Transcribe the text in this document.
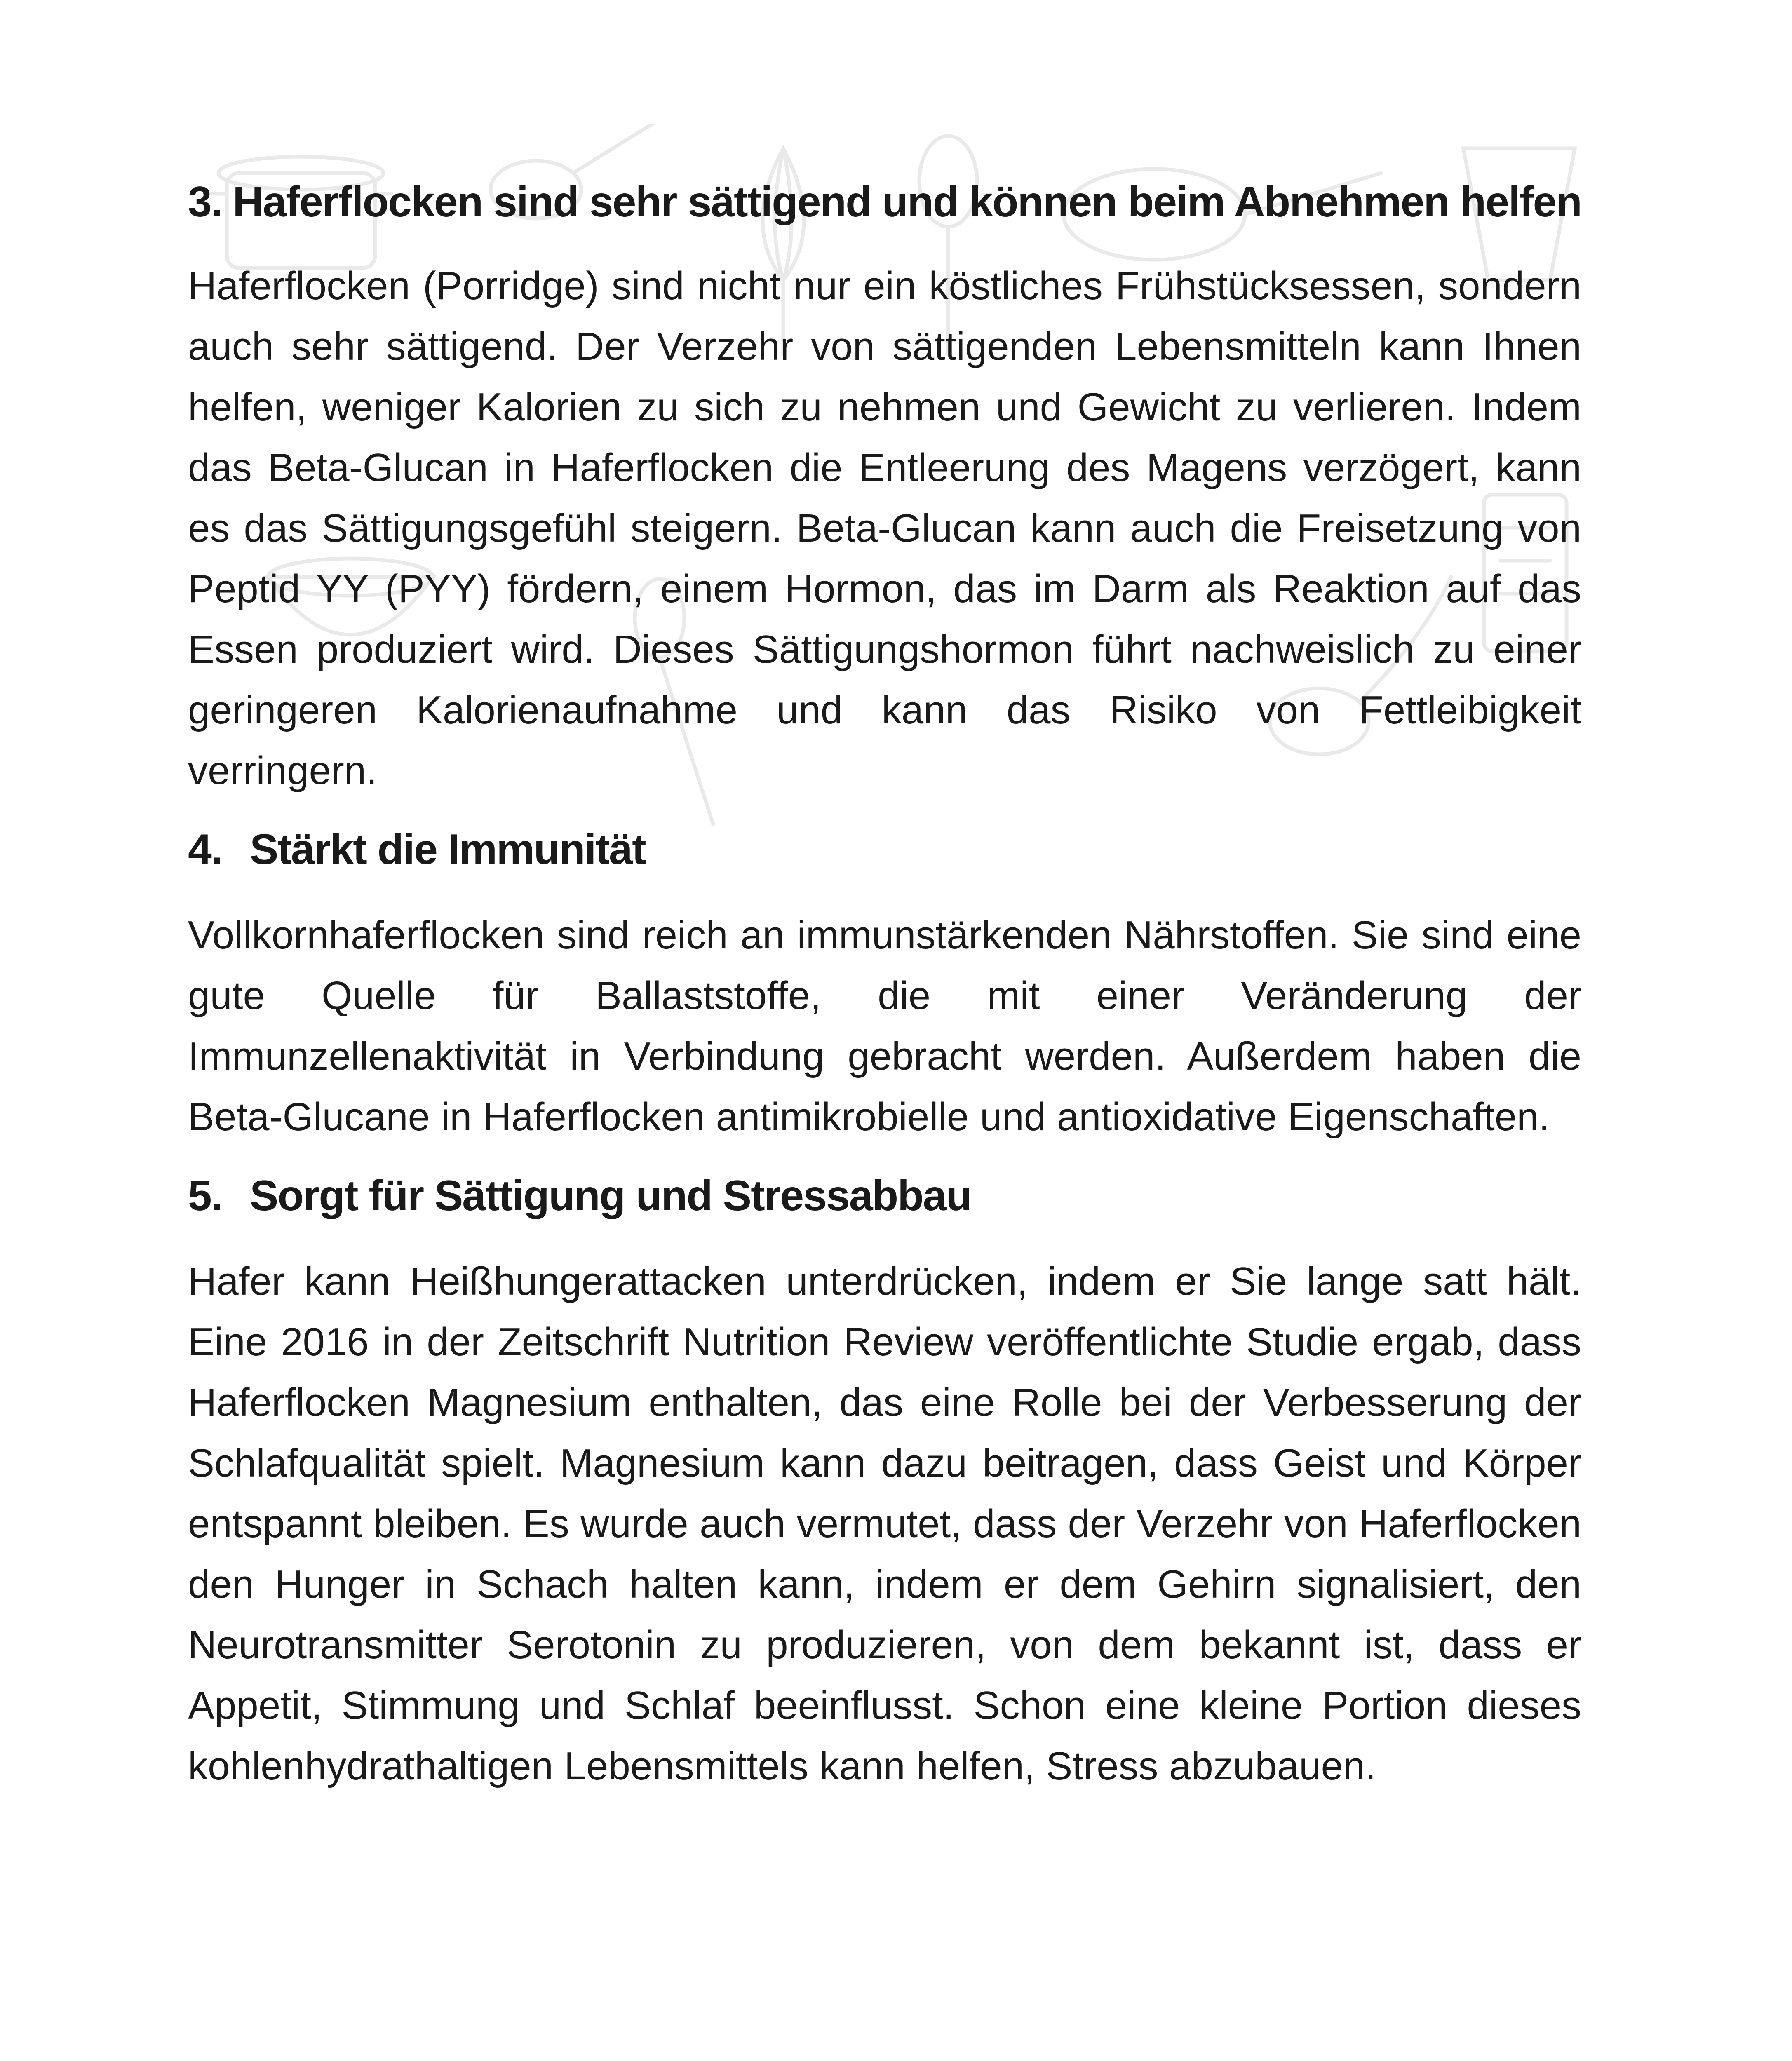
3. Haferflocken sind sehr sättigend und können beim Abnehmen helfen

Haferflocken (Porridge) sind nicht nur ein köstliches Frühstücksessen, sondern auch sehr sättigend. Der Verzehr von sättigenden Lebensmitteln kann Ihnen helfen, weniger Kalorien zu sich zu nehmen und Gewicht zu verlieren. Indem das Beta-Glucan in Haferflocken die Entleerung des Magens verzögert, kann es das Sättigungsgefühl steigern. Beta-Glucan kann auch die Freisetzung von Peptid YY (PYY) fördern, einem Hormon, das im Darm als Reaktion auf das Essen produziert wird. Dieses Sättigungshormon führt nachweislich zu einer geringeren Kalorienaufnahme und kann das Risiko von Fettleibigkeit verringern.

4. Stärkt die Immunität

Vollkornhaferflocken sind reich an immunstärkenden Nährstoffen. Sie sind eine gute Quelle für Ballaststoffe, die mit einer Veränderung der Immunzellenaktivität in Verbindung gebracht werden. Außerdem haben die Beta-Glucane in Haferflocken antimikrobielle und antioxidative Eigenschaften.

5. Sorgt für Sättigung und Stressabbau

Hafer kann Heißhungerattacken unterdrücken, indem er Sie lange satt hält. Eine 2016 in der Zeitschrift Nutrition Review veröffentlichte Studie ergab, dass Haferflocken Magnesium enthalten, das eine Rolle bei der Verbesserung der Schlafqualität spielt. Magnesium kann dazu beitragen, dass Geist und Körper entspannt bleiben. Es wurde auch vermutet, dass der Verzehr von Haferflocken den Hunger in Schach halten kann, indem er dem Gehirn signalisiert, den Neurotransmitter Serotonin zu produzieren, von dem bekannt ist, dass er Appetit, Stimmung und Schlaf beeinflusst. Schon eine kleine Portion dieses kohlenhydrathaltigen Lebensmittels kann helfen, Stress abzubauen.
